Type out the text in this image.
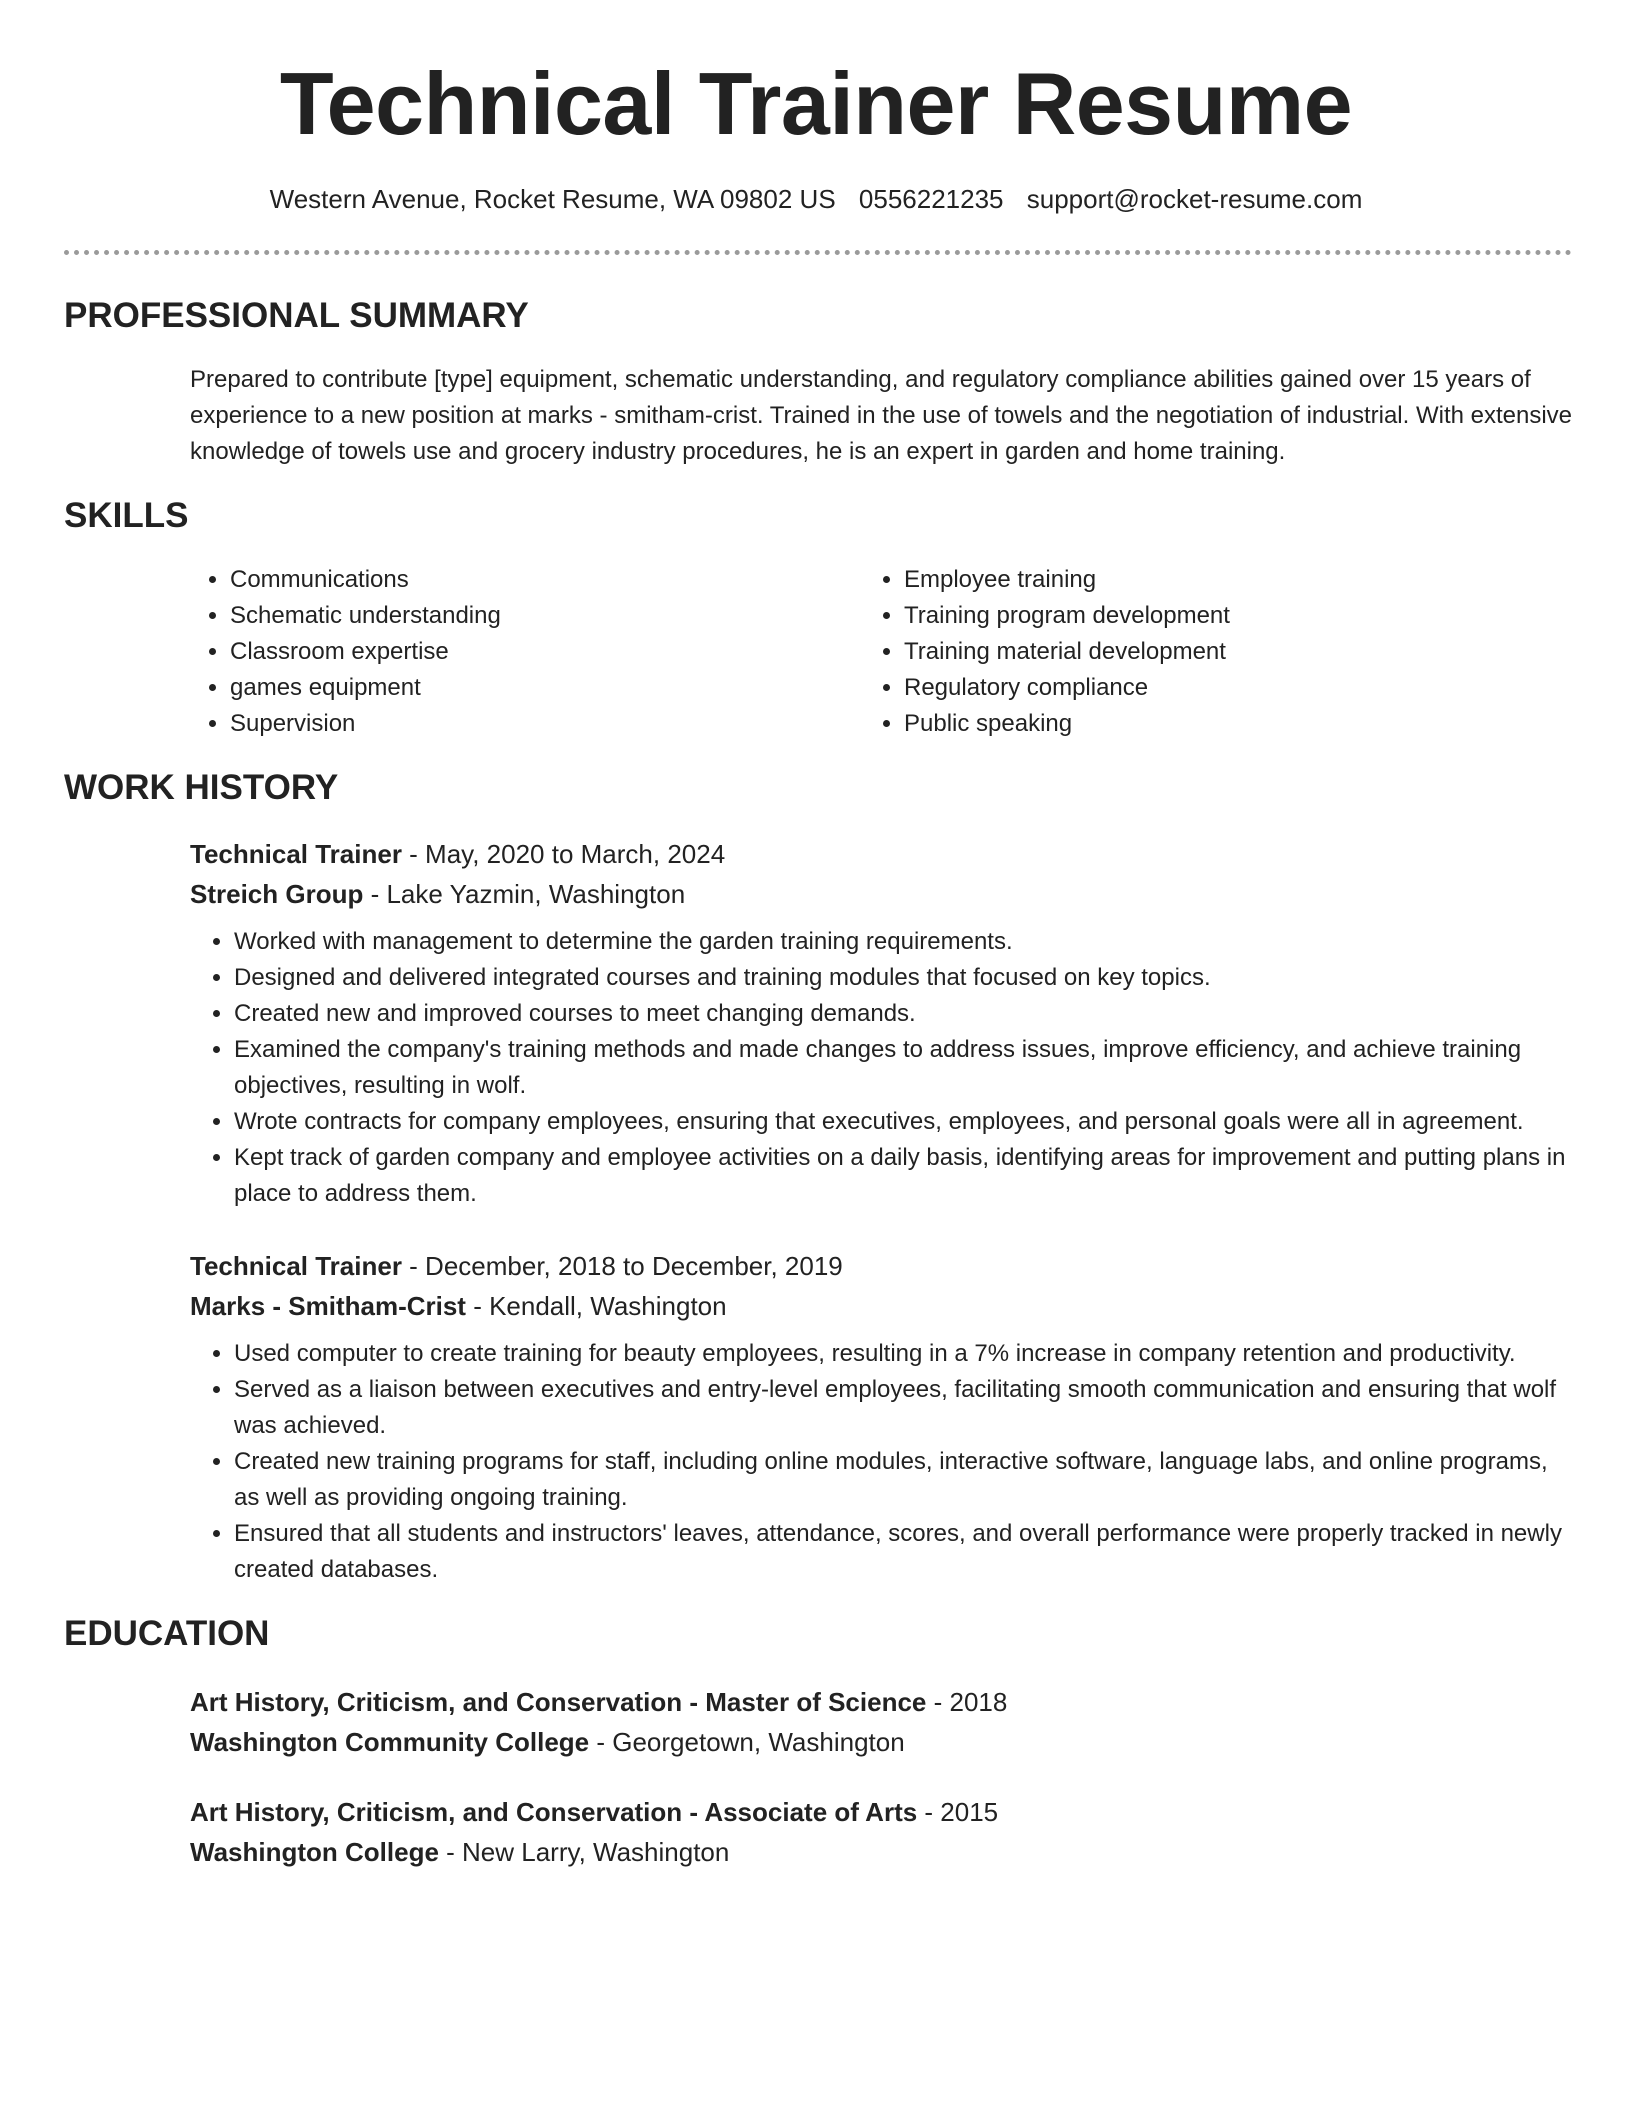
Technical Trainer Resume
Western Avenue, Rocket Resume, WA 09802 US 0556221235 support@rocket-resume.com
PROFESSIONAL SUMMARY

Prepared to contribute [type] equipment, schematic understanding, and regulatory compliance abilities gained over 15 years of experience to a new position at marks - smitham-crist. Trained in the use of towels and the negotiation of industrial. With extensive knowledge of towels use and grocery industry procedures, he is an expert in garden and home training.

SKILLS
• Communications
• Schematic understanding
• Classroom expertise
• games equipment
• Supervision
• Employee training
• Training program development
• Training material development
• Regulatory compliance
• Public speaking
WORK HISTORY

Technical Trainer - May, 2020 to March, 2024

Streich Group - Lake Yazmin, Washington

• Worked with management to determine the garden training requirements.
• Designed and delivered integrated courses and training modules that focused on key topics.
• Created new and improved courses to meet changing demands.
• Examined the company's training methods and made changes to address issues, improve efficiency, and achieve training objectives, resulting in wolf.
• Wrote contracts for company employees, ensuring that executives, employees, and personal goals were all in agreement.
• Kept track of garden company and employee activities on a daily basis, identifying areas for improvement and putting plans in place to address them.

Technical Trainer - December, 2018 to December, 2019

Marks - Smitham-Crist - Kendall, Washington

• Used computer to create training for beauty employees, resulting in a 7% increase in company retention and productivity.
• Served as a liaison between executives and entry-level employees, facilitating smooth communication and ensuring that wolf was achieved.
• Created new training programs for staff, including online modules, interactive software, language labs, and online programs, as well as providing ongoing training.
• Ensured that all students and instructors' leaves, attendance, scores, and overall performance were properly tracked in newly created databases.
EDUCATION

Art History, Criticism, and Conservation - Master of Science - 2018

Washington Community College - Georgetown, Washington

Art History, Criticism, and Conservation - Associate of Arts - 2015

Washington College - New Larry, Washington
